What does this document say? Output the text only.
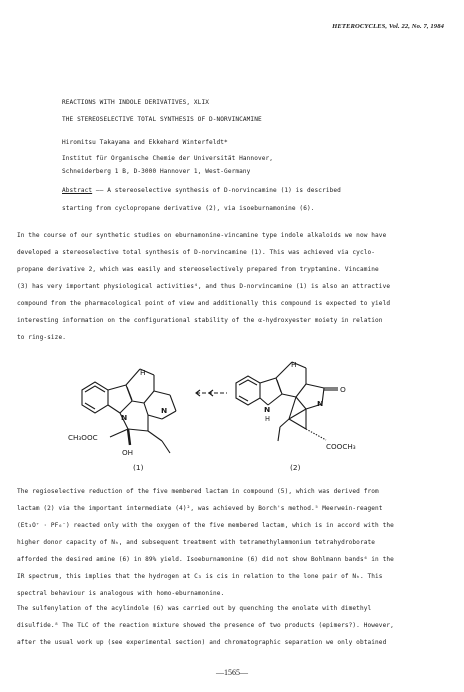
HETEROCYCLES, Vol. 22, No. 7, 1984
REACTIONS WITH INDOLE DERIVATIVES, XLIX
THE STEREOSELECTIVE TOTAL SYNTHESIS OF D-NORVINCAMINE
Hiromitsu Takayama and Ekkehard Winterfeldt*
Institut für Organische Chemie der Universität Hannover,
Schneiderberg 1 B, D-3000 Hannover 1, West-Germany
Abstract —— A stereoselective synthesis of D-norvincamine (1) is described
starting from cyclopropane derivative (2), via isoeburnamonine (6).
In the course of our synthetic studies on eburnamonine-vincamine type indole alkaloids we now have
developed a stereoselective total synthesis of D-norvincamine (1). This was achieved via cyclo-
propane derivative 2, which was easily and stereoselectively prepared from tryptamine. Vincamine
(3) has very important physiological activities⁴, and thus D-norvincamine (1) is also an attractive
compound from the pharmacological point of view and additionally this compound is expected to yield
interesting information on the configurational stability of the α-hydroxyester moiety in relation
to ring-size.
H
N
N
CH₃OOC
OH
H
N
H
N
O
COOCH₃
(1)	(2)
The regioselective reduction of the five membered lactam in compound (5), which was derived from
lactam (2) via the important intermediate (4)², was achieved by Borch's method.⁵ Meerwein-reagent
(Et₃O⁺ · PF₆⁻) reacted only with the oxygen of the five membered lactam, which is in accord with the
higher donor capacity of Nₕ, and subsequent treatment with tetramethylammonium tetrahydroborate
afforded the desired amine (6) in 89% yield. Isoeburnamonine (6) did not show Bohlmann bands⁶ in the
IR spectrum, this implies that the hydrogen at C₃ is cis in relation to the lone pair of Nₕ. This
spectral behaviour is analogous with homo-eburnamonine.
The sulfenylation of the acylindole (6) was carried out by quenching the enolate with dimethyl
disulfide.⁸ The TLC of the reaction mixture showed the presence of two products (epimers?). However,
after the usual work up (see experimental section) and chromatographic separation we only obtained
—1565—
